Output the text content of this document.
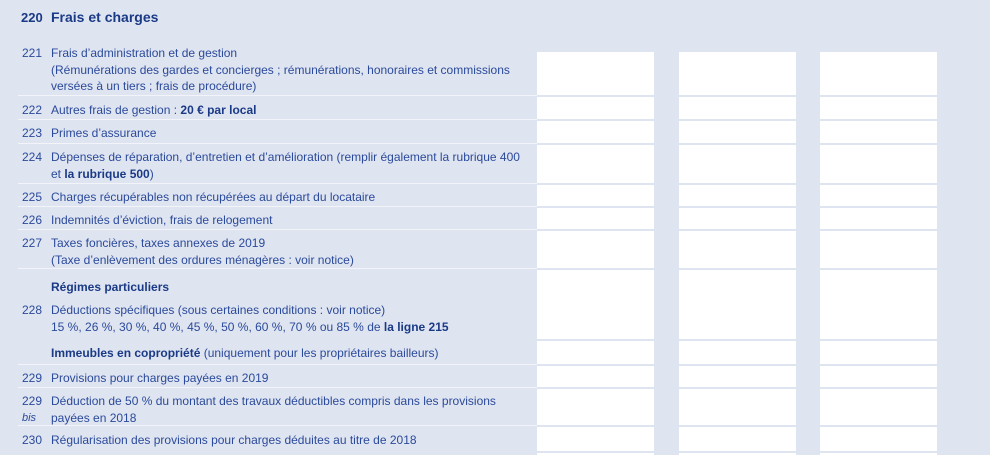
220 Frais et charges
221 Frais d’administration et de gestion
(Rémunérations des gardes et concierges ; rémunérations, honoraires et commissions
versées à un tiers ; frais de procédure)
222 Autres frais de gestion : 20 € par local
223 Primes d’assurance
224 Dépenses de réparation, d’entretien et d’amélioration (remplir également la rubrique 400
et la rubrique 500)
225 Charges récupérables non récupérées au départ du locataire
226 Indemnités d’éviction, frais de relogement
227 Taxes foncières, taxes annexes de 2019
(Taxe d’enlèvement des ordures ménagères : voir notice)
Régimes particuliers
228 Déductions spécifiques (sous certaines conditions : voir notice)
15 %, 26 %, 30 %, 40 %, 45 %, 50 %, 60 %, 70 % ou 85 % de la ligne 215
Immeubles en copropriété (uniquement pour les propriétaires bailleurs)
229 Provisions pour charges payées en 2019
229
bis
Déduction de 50 % du montant des travaux déductibles compris dans les provisions
payées en 2018
230 Régularisation des provisions pour charges déduites au titre de 2018
